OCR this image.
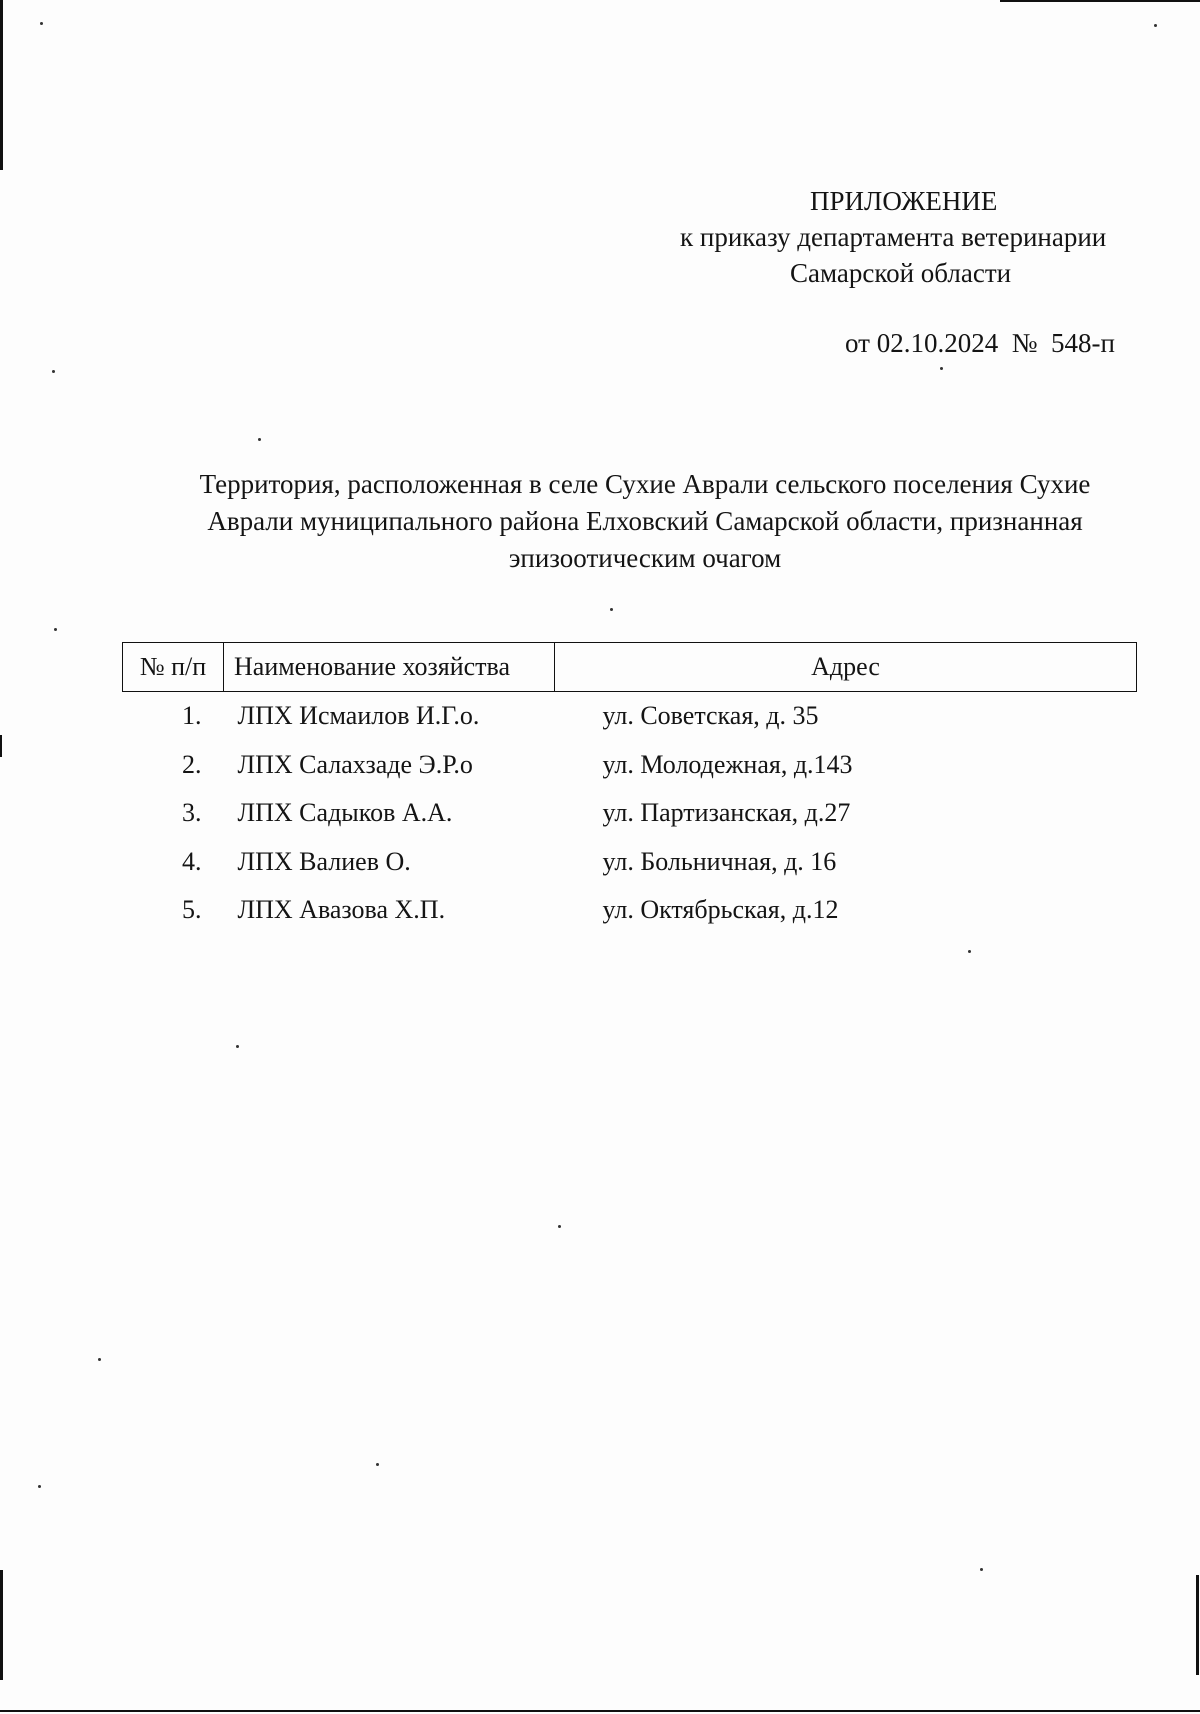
ПРИЛОЖЕНИЕ
к приказу департамента ветеринарии
Самарской области
от 02.10.2024  №  548-п
Территория, расположенная в селе Сухие Аврали сельского поселения Сухие
Аврали муниципального района Елховский Самарской области, признанная
эпизоотическим очагом
№ п/п	Наименование хозяйства	Адрес
1.	ЛПХ Исмаилов И.Г.о.	ул. Советская, д. 35
2.	ЛПХ Салахзаде Э.Р.о	ул. Молодежная, д.143
3.	ЛПХ Садыков А.А.	ул. Партизанская, д.27
4.	ЛПХ Валиев О.	ул. Больничная, д. 16
5.	ЛПХ Авазова Х.П.	ул. Октябрьская, д.12
